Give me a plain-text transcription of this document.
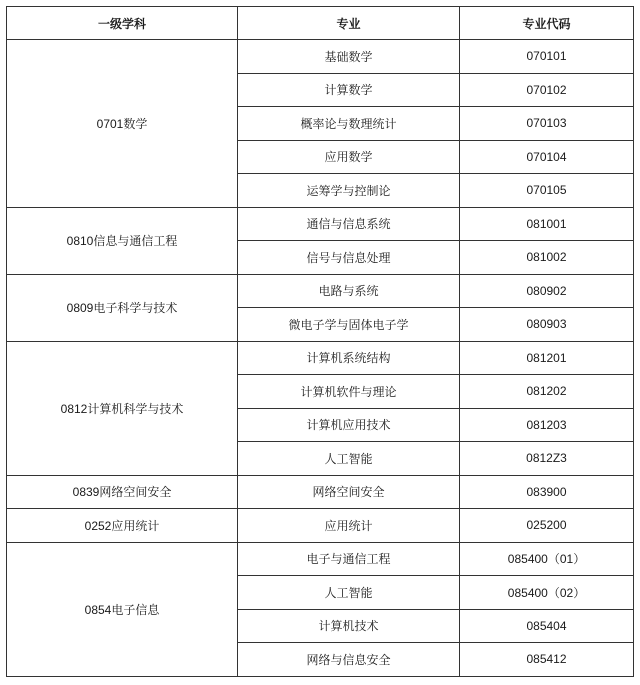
一级学科	专业	专业代码
0701数学	基础数学	070101
	计算数学	070102
	概率论与数理统计	070103
	应用数学	070104
	运筹学与控制论	070105
0810信息与通信工程	通信与信息系统	081001
	信号与信息处理	081002
0809电子科学与技术	电路与系统	080902
	微电子学与固体电子学	080903
0812计算机科学与技术	计算机系统结构	081201
	计算机软件与理论	081202
	计算机应用技术	081203
	人工智能	0812Z3
0839网络空间安全	网络空间安全	083900
0252应用统计	应用统计	025200
0854电子信息	电子与通信工程	085400（01）
	人工智能	085400（02）
	计算机技术	085404
	网络与信息安全	085412
